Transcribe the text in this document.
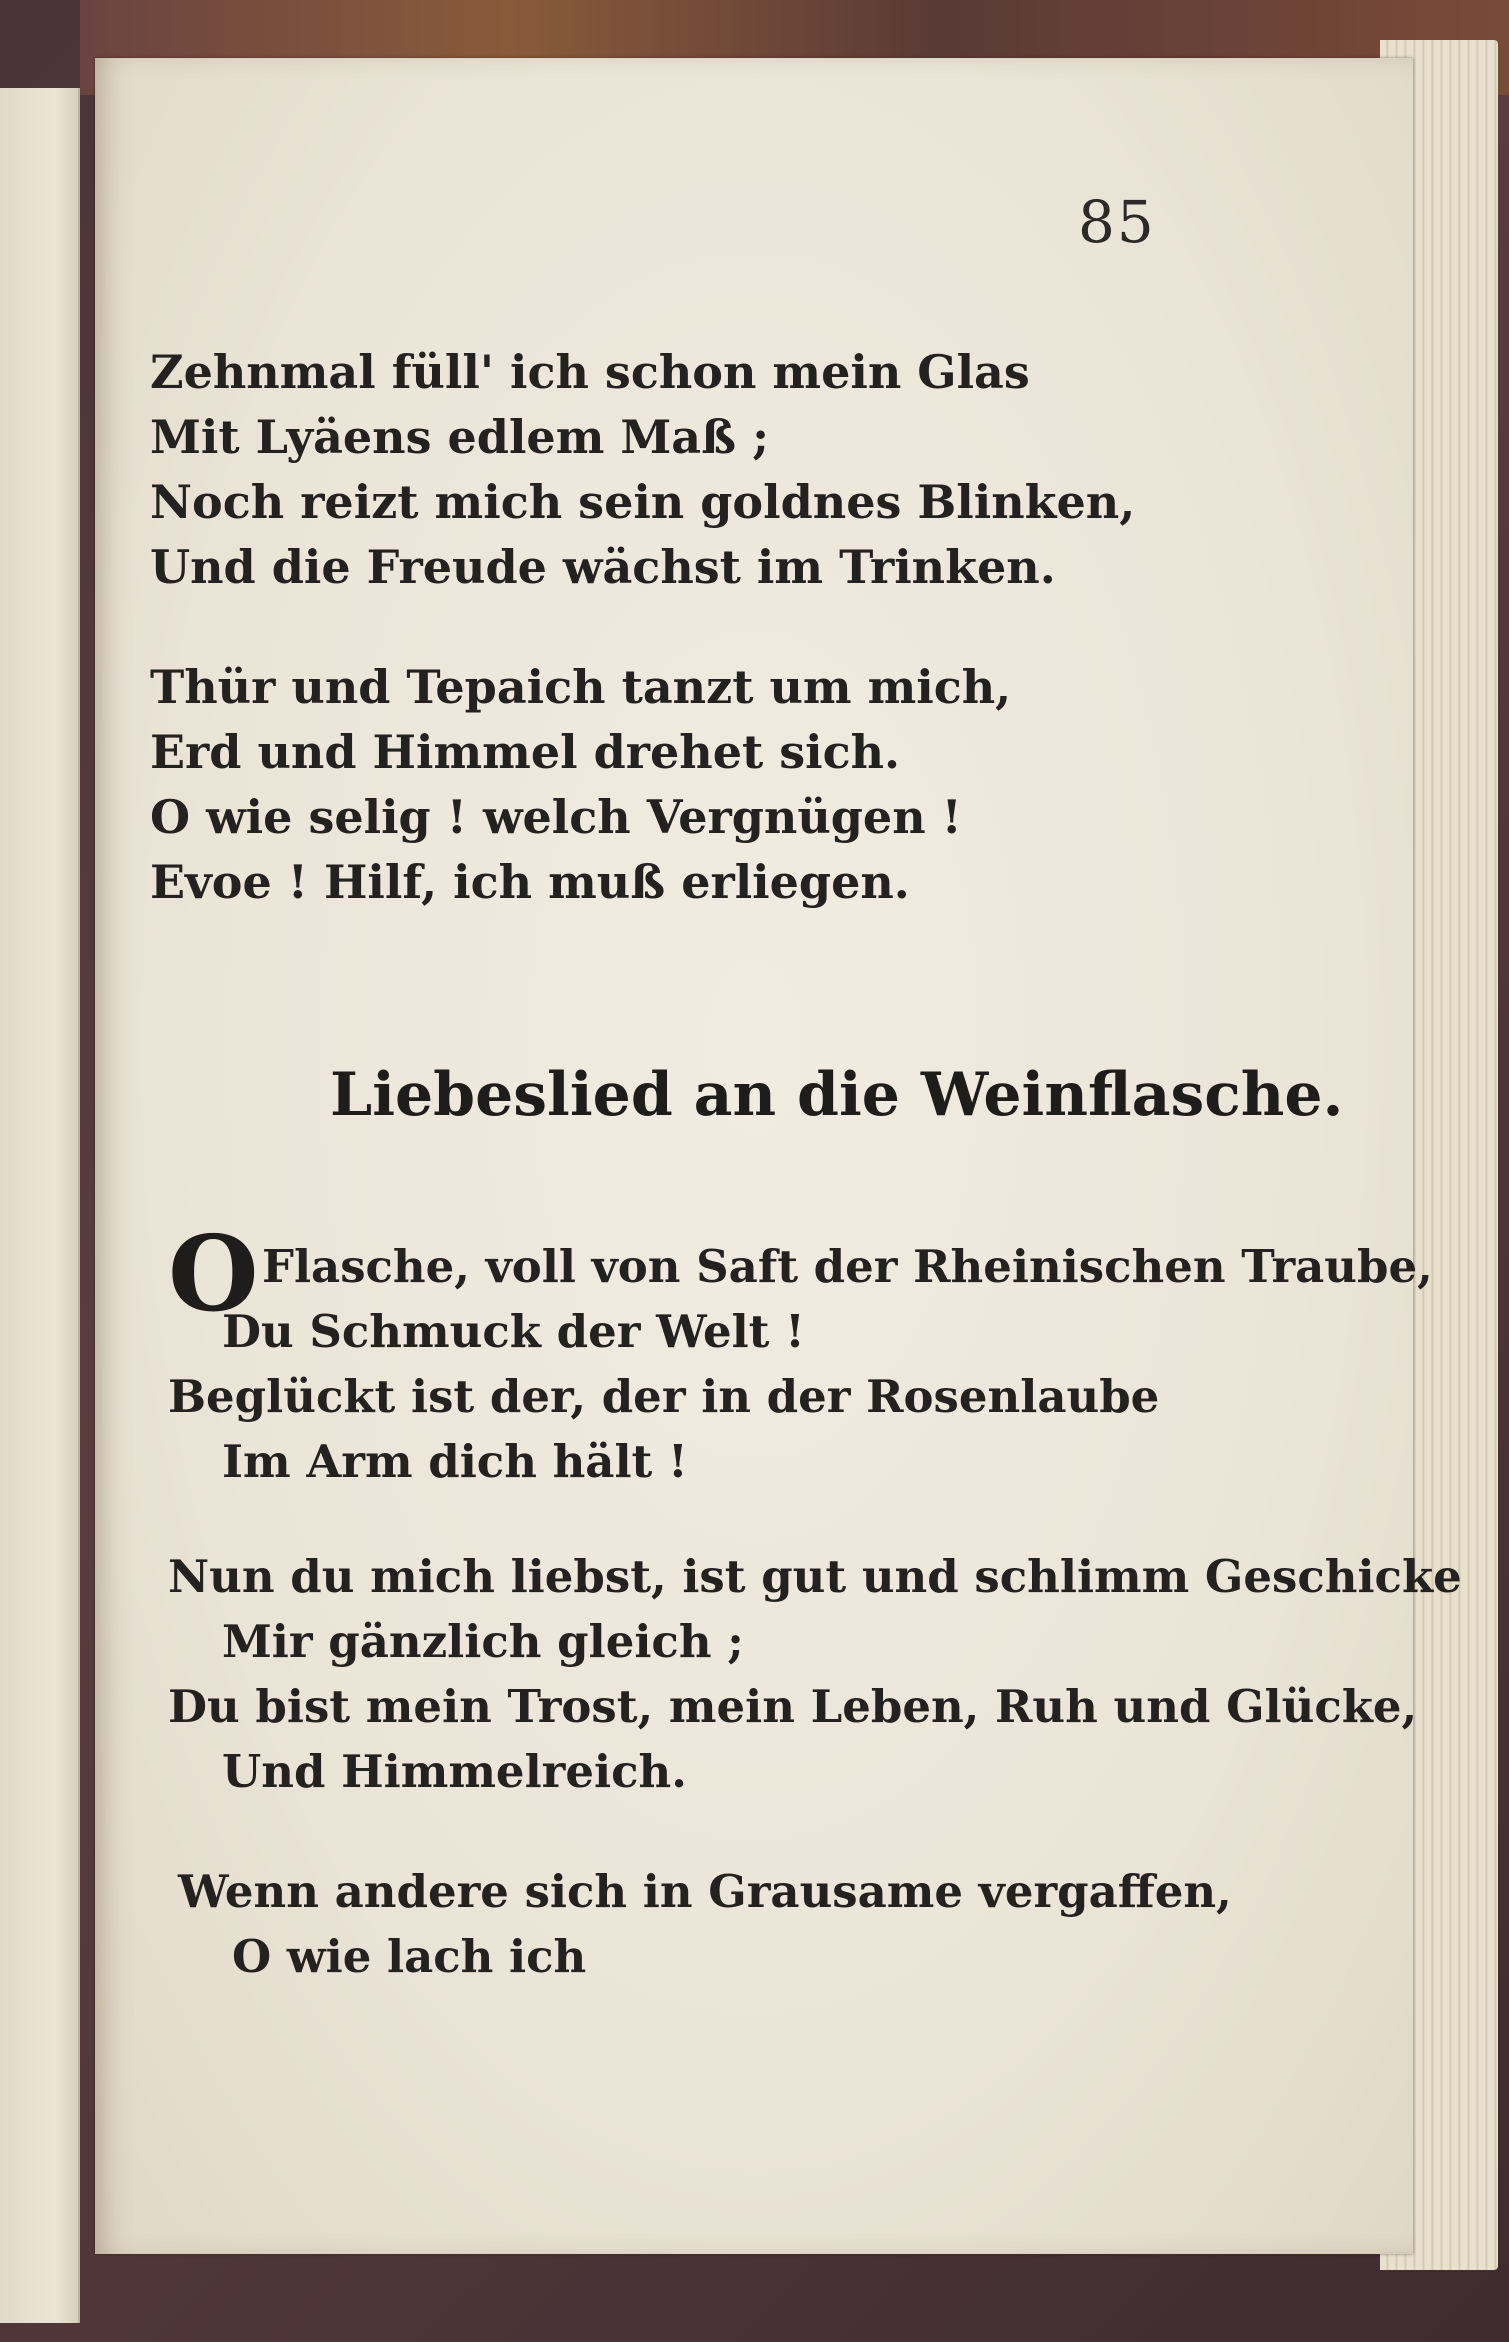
85

Zehnmal füll' ich schon mein Glas

Mit Lyäens edlem Maß ;

Noch reizt mich sein goldnes Blinken,

Und die Freude wächst im Trinken.

Thür und Tepaich tanzt um mich,

Erd und Himmel drehet sich.

O wie selig ! welch Vergnügen !

Evoe ! Hilf, ich muß erliegen.

Liebeslied an die Weinflasche.
O Flasche, voll von Saft der Rheinischen Traube,

Du Schmuck der Welt !

Beglückt ist der, der in der Rosenlaube

Im Arm dich hält !

Nun du mich liebst, ist gut und schlimm Geschicke

Mir gänzlich gleich ;

Du bist mein Trost, mein Leben, Ruh und Glücke,

Und Himmelreich.

Wenn andere sich in Grausame vergaffen,

O wie lach ich
